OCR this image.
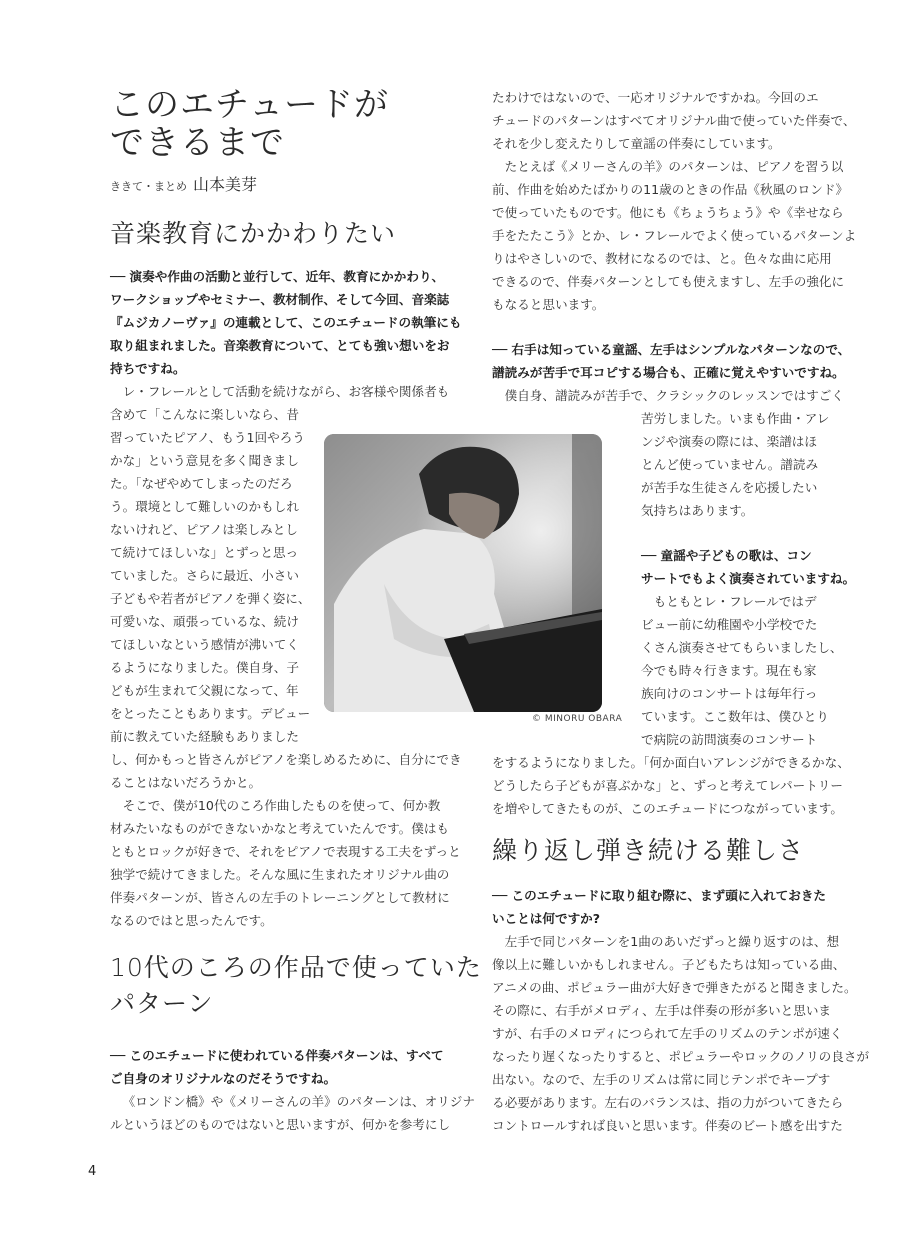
このエチュードが
できるまで
ききて・まとめ 山本美芽
音楽教育にかかわりたい
── 演奏や作曲の活動と並行して、近年、教育にかかわり、
ワークショップやセミナー、教材制作、そして今回、音楽誌
『ムジカノーヴァ』の連載として、このエチュードの執筆にも
取り組まれました。音楽教育について、とても強い想いをお
持ちですね。
レ・フレールとして活動を続けながら、お客様や関係者も
含めて「こんなに楽しいなら、昔
習っていたピアノ、もう1回やろう
かな」という意見を多く聞きまし
た。「なぜやめてしまったのだろ
う。環境として難しいのかもしれ
ないけれど、ピアノは楽しみとし
て続けてほしいな」とずっと思っ
ていました。さらに最近、小さい
子どもや若者がピアノを弾く姿に、
可愛いな、頑張っているな、続け
てほしいなという感情が沸いてく
るようになりました。僕自身、子
どもが生まれて父親になって、年
をとったこともあります。デビュー
前に教えていた経験もありました
し、何かもっと皆さんがピアノを楽しめるために、自分にでき
ることはないだろうかと。
そこで、僕が10代のころ作曲したものを使って、何か教
材みたいなものができないかなと考えていたんです。僕はも
ともとロックが好きで、それをピアノで表現する工夫をずっと
独学で続けてきました。そんな風に生まれたオリジナル曲の
伴奏パターンが、皆さんの左手のトレーニングとして教材に
なるのではと思ったんです。
10代のころの作品で使っていた
パターン
── このエチュードに使われている伴奏パターンは、すべて
ご自身のオリジナルなのだそうですね。
《ロンドン橋》や《メリーさんの羊》のパターンは、オリジナ
ルというほどのものではないと思いますが、何かを参考にし
© MINORU OBARA
たわけではないので、一応オリジナルですかね。今回のエ
チュードのパターンはすべてオリジナル曲で使っていた伴奏で、
それを少し変えたりして童謡の伴奏にしています。
たとえば《メリーさんの羊》のパターンは、ピアノを習う以
前、作曲を始めたばかりの11歳のときの作品《秋風のロンド》
で使っていたものです。他にも《ちょうちょう》や《幸せなら
手をたたこう》とか、レ・フレールでよく使っているパターンよ
りはやさしいので、教材になるのでは、と。色々な曲に応用
できるので、伴奏パターンとしても使えますし、左手の強化に
もなると思います。
── 右手は知っている童謡、左手はシンプルなパターンなので、
譜読みが苦手で耳コピする場合も、正確に覚えやすいですね。
僕自身、譜読みが苦手で、クラシックのレッスンではすごく
苦労しました。いまも作曲・アレ
ンジや演奏の際には、楽譜はほ
とんど使っていません。譜読み
が苦手な生徒さんを応援したい
気持ちはあります。
── 童謡や子どもの歌は、コン
サートでもよく演奏されていますね。
もともとレ・フレールではデ
ビュー前に幼稚園や小学校でた
くさん演奏させてもらいましたし、
今でも時々行きます。現在も家
族向けのコンサートは毎年行っ
ています。ここ数年は、僕ひとり
で病院の訪問演奏のコンサート
をするようになりました。「何か面白いアレンジができるかな、
どうしたら子どもが喜ぶかな」と、ずっと考えてレパートリー
を増やしてきたものが、このエチュードにつながっています。
繰り返し弾き続ける難しさ
── このエチュードに取り組む際に、まず頭に入れておきた
いことは何ですか?
左手で同じパターンを1曲のあいだずっと繰り返すのは、想
像以上に難しいかもしれません。子どもたちは知っている曲、
アニメの曲、ポピュラー曲が大好きで弾きたがると聞きました。
その際に、右手がメロディ、左手は伴奏の形が多いと思いま
すが、右手のメロディにつられて左手のリズムのテンポが速く
なったり遅くなったりすると、ポピュラーやロックのノリの良さが
出ない。なので、左手のリズムは常に同じテンポでキープす
る必要があります。左右のバランスは、指の力がついてきたら
コントロールすれば良いと思います。伴奏のビート感を出すた
4
